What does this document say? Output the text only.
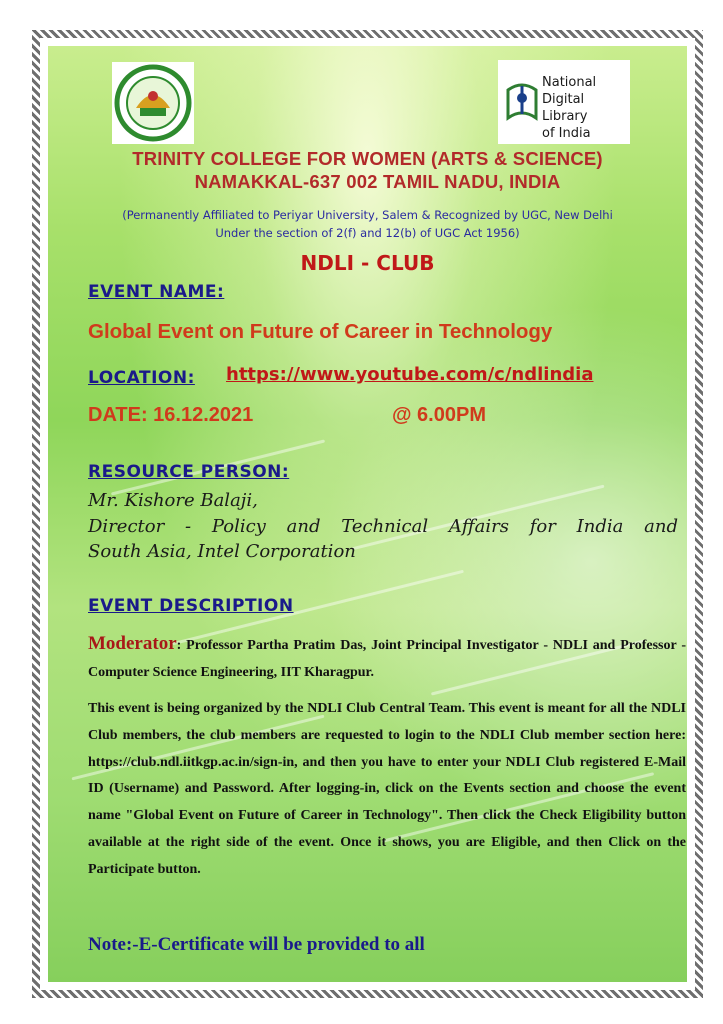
National
Digital Library
of India
TRINITY COLLEGE FOR WOMEN (ARTS & SCIENCE)
NAMAKKAL-637 002 TAMIL NADU, INDIA
(Permanently Affiliated to Periyar University, Salem & Recognized by UGC, New Delhi
Under the section of 2(f) and 12(b) of UGC Act 1956)
NDLI - CLUB
EVENT NAME:
Global Event on Future of Career in Technology
LOCATION: https://www.youtube.com/c/ndlindia
DATE: 16.12.2021	@ 6.00PM
RESOURCE PERSON:
Mr. Kishore Balaji,
Director - Policy and Technical Affairs for India and
South Asia, Intel Corporation
EVENT DESCRIPTION
Moderator: Professor Partha Pratim Das, Joint Principal Investigator - NDLI and Professor - Computer Science Engineering, IIT Kharagpur.
This event is being organized by the NDLI Club Central Team. This event is meant for all the NDLI Club members, the club members are requested to login to the NDLI Club member section here: https://club.ndl.iitkgp.ac.in/sign-in, and then you have to enter your NDLI Club registered E-Mail ID (Username) and Password. After logging-in, click on the Events section and choose the event name "Global Event on Future of Career in Technology". Then click the Check Eligibility button available at the right side of the event. Once it shows, you are Eligible, and then Click on the Participate button.
Note:-E-Certificate will be provided to all
